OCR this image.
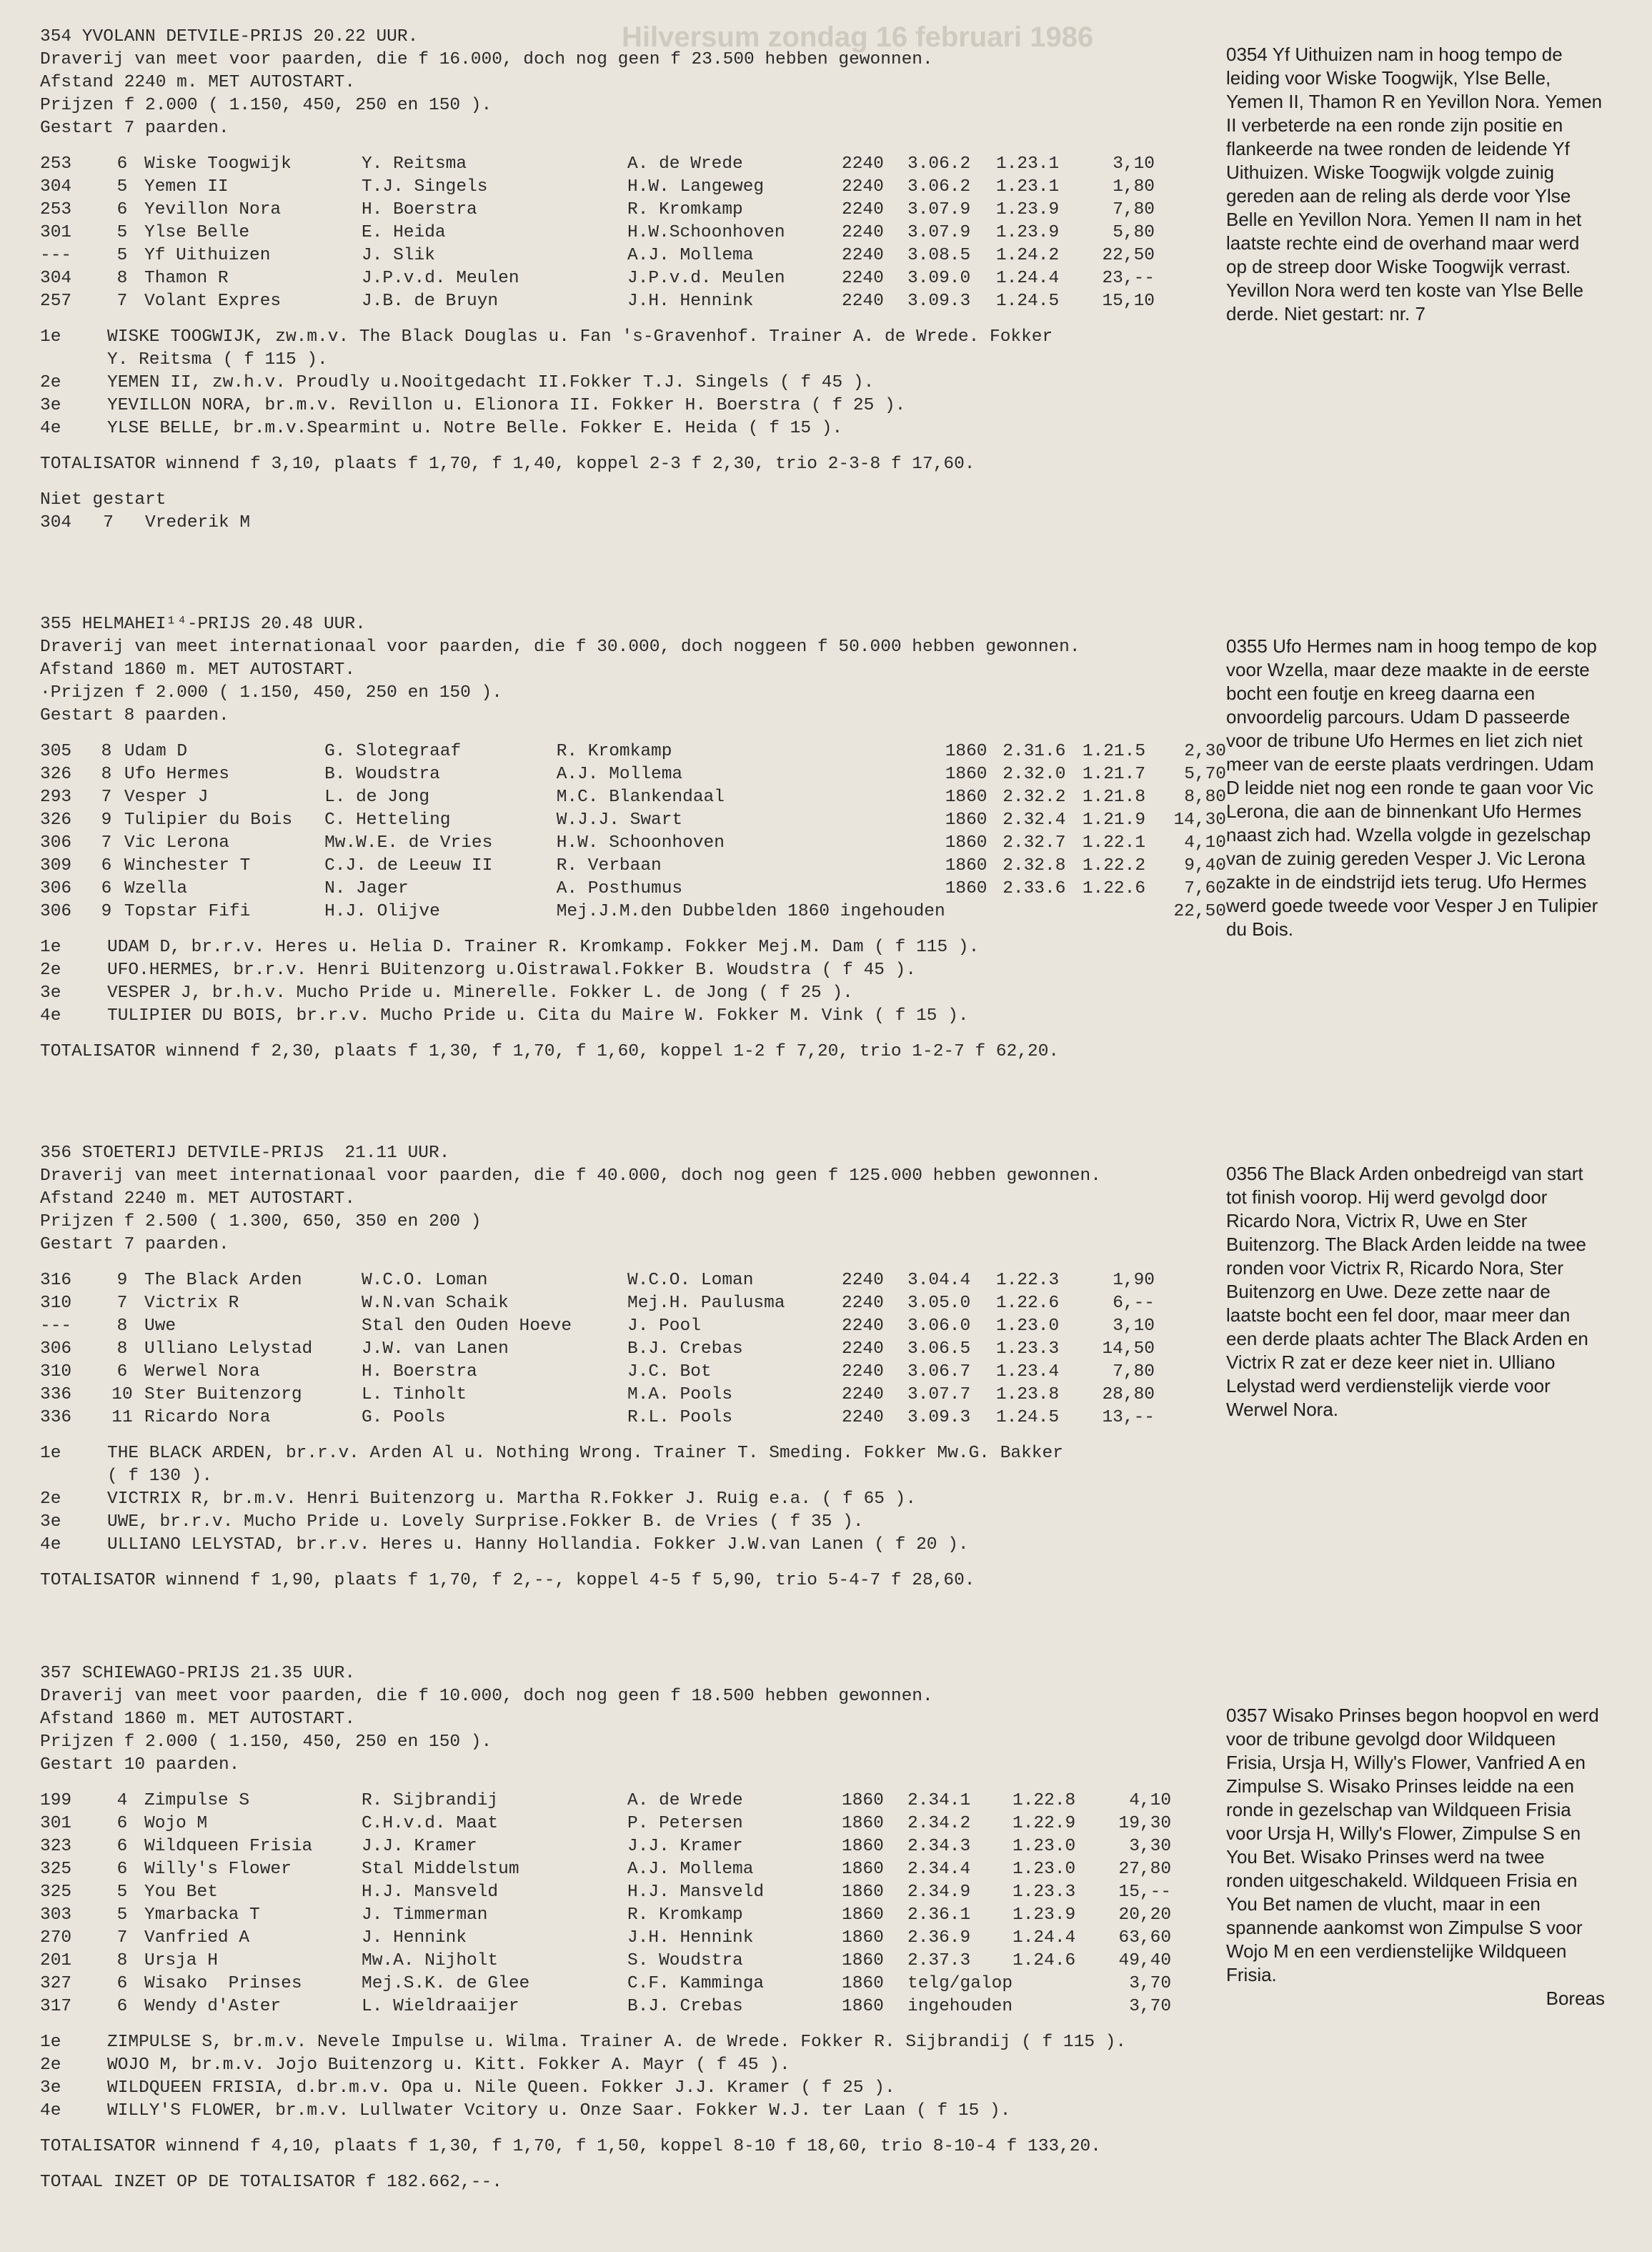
Hilversum zondag 16 februari 1986
354 YVOLANN DETVILE-PRIJS 20.22 UUR.
Draverij van meet voor paarden, die f 16.000, doch nog geen f 23.500 hebben gewonnen.
Afstand 2240 m. MET AUTOSTART.
Prijzen f 2.000 ( 1.150, 450, 250 en 150 ).
Gestart 7 paarden.
253	6	Wiske Toogwijk	Y. Reitsma	A. de Wrede	2240	3.06.2	1.23.1	3,10
304	5	Yemen II	T.J. Singels	H.W. Langeweg	2240	3.06.2	1.23.1	1,80
253	6	Yevillon Nora	H. Boerstra	R. Kromkamp	2240	3.07.9	1.23.9	7,80
301	5	Ylse Belle	E. Heida	H.W.Schoonhoven	2240	3.07.9	1.23.9	5,80
---	5	Yf Uithuizen	J. Slik	A.J. Mollema	2240	3.08.5	1.24.2	22,50
304	8	Thamon R	J.P.v.d. Meulen	J.P.v.d. Meulen	2240	3.09.0	1.24.4	23,--
257	7	Volant Expres	J.B. de Bruyn	J.H. Hennink	2240	3.09.3	1.24.5	15,10
1e	WISKE TOOGWIJK, zw.m.v. The Black Douglas u. Fan 's-Gravenhof. Trainer A. de Wrede. Fokker
Y. Reitsma ( f 115 ).
2e	YEMEN II, zw.h.v. Proudly u.Nooitgedacht II.Fokker T.J. Singels ( f 45 ).
3e	YEVILLON NORA, br.m.v. Revillon u. Elionora II. Fokker H. Boerstra ( f 25 ).
4e	YLSE BELLE, br.m.v.Spearmint u. Notre Belle. Fokker E. Heida ( f 15 ).
TOTALISATOR winnend f 3,10, plaats f 1,70, f 1,40, koppel 2-3 f 2,30, trio 2-3-8 f 17,60.
Niet gestart
304   7   Vrederik M
0354 Yf Uithuizen nam in hoog tempo de leiding voor Wiske Toogwijk, Ylse Belle, Yemen II, Thamon R en Yevillon Nora. Yemen II verbeterde na een ronde zijn positie en flankeerde na twee ronden de leidende Yf Uithuizen. Wiske Toogwijk volgde zuinig gereden aan de reling als derde voor Ylse Belle en Yevillon Nora. Yemen II nam in het laatste rechte eind de overhand maar werd op de streep door Wiske Toogwijk verrast. Yevillon Nora werd ten koste van Ylse Belle derde. Niet gestart: nr. 7
355 HELMAHEI¹⁴-PRIJS 20.48 UUR.
Draverij van meet internationaal voor paarden, die f 30.000, doch noggeen f 50.000 hebben gewonnen.
Afstand 1860 m. MET AUTOSTART.
·Prijzen f 2.000 ( 1.150, 450, 250 en 150 ).
Gestart 8 paarden.
305	8	Udam D	G. Slotegraaf	R. Kromkamp	1860	2.31.6	1.21.5	2,30
326	8	Ufo Hermes	B. Woudstra	A.J. Mollema	1860	2.32.0	1.21.7	5,70
293	7	Vesper J	L. de Jong	M.C. Blankendaal	1860	2.32.2	1.21.8	8,80
326	9	Tulipier du Bois	C. Hetteling	W.J.J. Swart	1860	2.32.4	1.21.9	14,30
306	7	Vic Lerona	Mw.W.E. de Vries	H.W. Schoonhoven	1860	2.32.7	1.22.1	4,10
309	6	Winchester T	C.J. de Leeuw II	R. Verbaan	1860	2.32.8	1.22.2	9,40
306	6	Wzella	N. Jager	A. Posthumus	1860	2.33.6	1.22.6	7,60
306	9	Topstar Fifi	H.J. Olijve	Mej.J.M.den Dubbelden 1860 ingehouden				22,50
1e	UDAM D, br.r.v. Heres u. Helia D. Trainer R. Kromkamp. Fokker Mej.M. Dam ( f 115 ).
2e	UFO.HERMES, br.r.v. Henri BUitenzorg u.Oistrawal.Fokker B. Woudstra ( f 45 ).
3e	VESPER J, br.h.v. Mucho Pride u. Minerelle. Fokker L. de Jong ( f 25 ).
4e	TULIPIER DU BOIS, br.r.v. Mucho Pride u. Cita du Maire W. Fokker M. Vink ( f 15 ).
TOTALISATOR winnend f 2,30, plaats f 1,30, f 1,70, f 1,60, koppel 1-2 f 7,20, trio 1-2-7 f 62,20.
0355 Ufo Hermes nam in hoog tempo de kop voor Wzella, maar deze maakte in de eerste bocht een foutje en kreeg daarna een onvoordelig parcours. Udam D passeerde voor de tribune Ufo Hermes en liet zich niet meer van de eerste plaats verdringen. Udam D leidde niet nog een ronde te gaan voor Vic Lerona, die aan de binnenkant Ufo Hermes naast zich had. Wzella volgde in gezelschap van de zuinig gereden Vesper J. Vic Lerona zakte in de eindstrijd iets terug. Ufo Hermes werd goede tweede voor Vesper J en Tulipier du Bois.
356 STOETERIJ DETVILE-PRIJS  21.11 UUR.
Draverij van meet internationaal voor paarden, die f 40.000, doch nog geen f 125.000 hebben gewonnen.
Afstand 2240 m. MET AUTOSTART.
Prijzen f 2.500 ( 1.300, 650, 350 en 200 )
Gestart 7 paarden.
316	9	The Black Arden	W.C.O. Loman	W.C.O. Loman	2240	3.04.4	1.22.3	1,90
310	7	Victrix R	W.N.van Schaik	Mej.H. Paulusma	2240	3.05.0	1.22.6	6,--
---	8	Uwe	Stal den Ouden Hoeve	J. Pool	2240	3.06.0	1.23.0	3,10
306	8	Ulliano Lelystad	J.W. van Lanen	B.J. Crebas	2240	3.06.5	1.23.3	14,50
310	6	Werwel Nora	H. Boerstra	J.C. Bot	2240	3.06.7	1.23.4	7,80
336	10	Ster Buitenzorg	L. Tinholt	M.A. Pools	2240	3.07.7	1.23.8	28,80
336	11	Ricardo Nora	G. Pools	R.L. Pools	2240	3.09.3	1.24.5	13,--
1e	THE BLACK ARDEN, br.r.v. Arden Al u. Nothing Wrong. Trainer T. Smeding. Fokker Mw.G. Bakker
( f 130 ).
2e	VICTRIX R, br.m.v. Henri Buitenzorg u. Martha R.Fokker J. Ruig e.a. ( f 65 ).
3e	UWE, br.r.v. Mucho Pride u. Lovely Surprise.Fokker B. de Vries ( f 35 ).
4e	ULLIANO LELYSTAD, br.r.v. Heres u. Hanny Hollandia. Fokker J.W.van Lanen ( f 20 ).
TOTALISATOR winnend f 1,90, plaats f 1,70, f 2,--, koppel 4-5 f 5,90, trio 5-4-7 f 28,60.
0356 The Black Arden onbedreigd van start tot finish voorop. Hij werd gevolgd door Ricardo Nora, Victrix R, Uwe en Ster Buitenzorg. The Black Arden leidde na twee ronden voor Victrix R, Ricardo Nora, Ster Buitenzorg en Uwe. Deze zette naar de laatste bocht een fel door, maar meer dan een derde plaats achter The Black Arden en Victrix R zat er deze keer niet in. Ulliano Lelystad werd verdienstelijk vierde voor Werwel Nora.
357 SCHIEWAGO-PRIJS 21.35 UUR.
Draverij van meet voor paarden, die f 10.000, doch nog geen f 18.500 hebben gewonnen.
Afstand 1860 m. MET AUTOSTART.
Prijzen f 2.000 ( 1.150, 450, 250 en 150 ).
Gestart 10 paarden.
199	4	Zimpulse S	R. Sijbrandij	A. de Wrede	1860	2.34.1	1.22.8	4,10
301	6	Wojo M	C.H.v.d. Maat	P. Petersen	1860	2.34.2	1.22.9	19,30
323	6	Wildqueen Frisia	J.J. Kramer	J.J. Kramer	1860	2.34.3	1.23.0	3,30
325	6	Willy's Flower	Stal Middelstum	A.J. Mollema	1860	2.34.4	1.23.0	27,80
325	5	You Bet	H.J. Mansveld	H.J. Mansveld	1860	2.34.9	1.23.3	15,--
303	5	Ymarbacka T	J. Timmerman	R. Kromkamp	1860	2.36.1	1.23.9	20,20
270	7	Vanfried A	J. Hennink	J.H. Hennink	1860	2.36.9	1.24.4	63,60
201	8	Ursja H	Mw.A. Nijholt	S. Woudstra	1860	2.37.3	1.24.6	49,40
327	6	Wisako  Prinses	Mej.S.K. de Glee	C.F. Kamminga	1860	telg/galop		3,70
317	6	Wendy d'Aster	L. Wieldraaijer	B.J. Crebas	1860	ingehouden		3,70
1e	ZIMPULSE S, br.m.v. Nevele Impulse u. Wilma. Trainer A. de Wrede. Fokker R. Sijbrandij ( f 115 ).
2e	WOJO M, br.m.v. Jojo Buitenzorg u. Kitt. Fokker A. Mayr ( f 45 ).
3e	WILDQUEEN FRISIA, d.br.m.v. Opa u. Nile Queen. Fokker J.J. Kramer ( f 25 ).
4e	WILLY'S FLOWER, br.m.v. Lullwater Vcitory u. Onze Saar. Fokker W.J. ter Laan ( f 15 ).
TOTALISATOR winnend f 4,10, plaats f 1,30, f 1,70, f 1,50, koppel 8-10 f 18,60, trio 8-10-4 f 133,20.
TOTAAL INZET OP DE TOTALISATOR f 182.662,--.
0357 Wisako Prinses begon hoopvol en werd voor de tribune gevolgd door Wildqueen Frisia, Ursja H, Willy's Flower, Vanfried A en Zimpulse S. Wisako Prinses leidde na een ronde in gezelschap van Wildqueen Frisia voor Ursja H, Willy's Flower, Zimpulse S en You Bet. Wisako Prinses werd na twee ronden uitgeschakeld. Wildqueen Frisia en You Bet namen de vlucht, maar in een spannende aankomst won Zimpulse S voor Wojo M en een verdienstelijke Wildqueen Frisia.
Boreas
